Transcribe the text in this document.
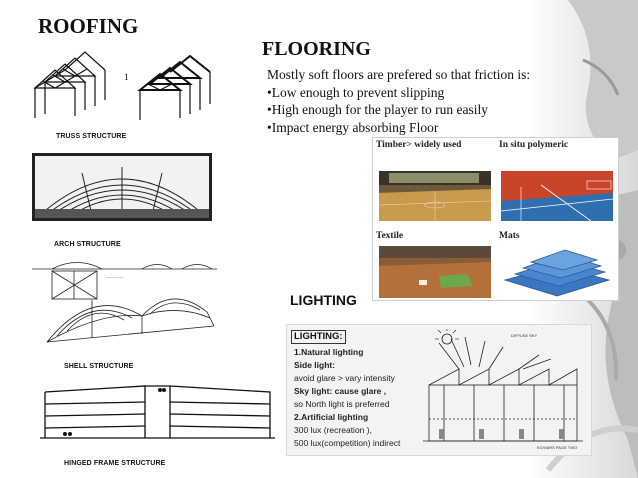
ROOFING
1
TRUSS STRUCTURE
ARCH STRUCTURE
—— ——
SHELL STRUCTURE
HINGED FRAME STRUCTURE
FLOORING
Mostly soft floors are prefered so that friction is:
•Low enough to prevent slipping
•High enough for the player to run easily
•Impact energy absorbing Floor
Timber> widely used	In situ polymeric
Textile	Mats
LIGHTING
LIGHTING:
1.Natural lighting
Side light:
avoid glare > vary intensity
Sky light: cause glare ,
so North light is preferred
2.Artificial lighting
300 lux (recreation ),
500 lux(competition) indirect
DIFFUSE SKY
ECHAIRS PAGE TWO
